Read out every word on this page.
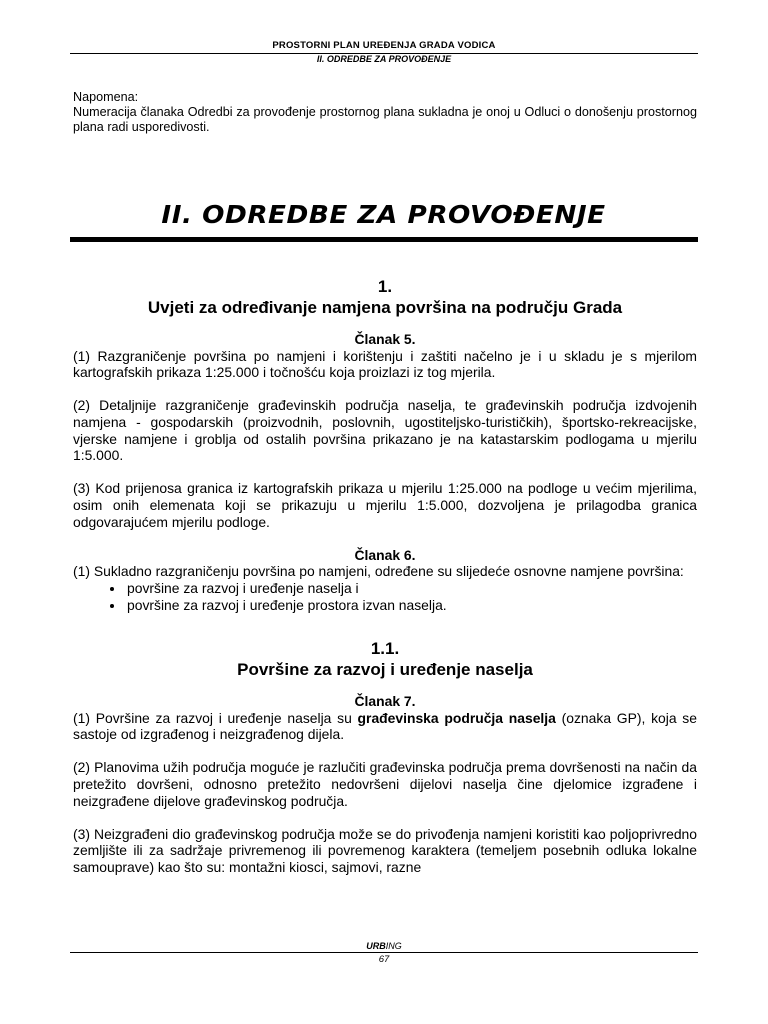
PROSTORNI PLAN UREĐENJA GRADA VODICA
II. ODREDBE ZA PROVOĐENJE
Napomena:
Numeracija članaka Odredbi za provođenje prostornog plana sukladna je onoj u Odluci o donošenju prostornog plana radi usporedivosti.
II. ODREDBE ZA PROVOĐENJE
1.
Uvjeti za određivanje namjena površina na području Grada
Članak 5.

(1) Razgraničenje površina po namjeni i korištenju i zaštiti načelno je i u skladu je s mjerilom kartografskih prikaza 1:25.000 i točnošću koja proizlazi iz tog mjerila.

(2) Detaljnije razgraničenje građevinskih područja naselja, te građevinskih područja izdvojenih namjena - gospodarskih (proizvodnih, poslovnih, ugostiteljsko-turističkih), športsko-rekreacijske, vjerske namjene i groblja od ostalih površina prikazano je na katastarskim podlogama u mjerilu 1:5.000.

(3) Kod prijenosa granica iz kartografskih prikaza u mjerilu 1:25.000 na podloge u većim mjerilima, osim onih elemenata koji se prikazuju u mjerilu 1:5.000, dozvoljena je prilagodba granica odgovarajućem mjerilu podloge.

Članak 6.

(1) Sukladno razgraničenju površina po namjeni, određene su slijedeće osnovne namjene površina:

• površine za razvoj i uređenje naselja i
• površine za razvoj i uređenje prostora izvan naselja.
1.1.
Površine za razvoj i uređenje naselja
Članak 7.

(1) Površine za razvoj i uređenje naselja su građevinska područja naselja (oznaka GP), koja se sastoje od izgrađenog i neizgrađenog dijela.

(2) Planovima užih područja moguće je razlučiti građevinska područja prema dovršenosti na način da pretežito dovršeni, odnosno pretežito nedovršeni dijelovi naselja čine djelomice izgrađene i neizgrađene dijelove građevinskog područja.

(3) Neizgrađeni dio građevinskog područja može se do privođenja namjeni koristiti kao poljoprivredno zemljište ili za sadržaje privremenog ili povremenog karaktera (temeljem posebnih odluka lokalne samouprave) kao što su: montažni kiosci, sajmovi, razne

URBING
67
